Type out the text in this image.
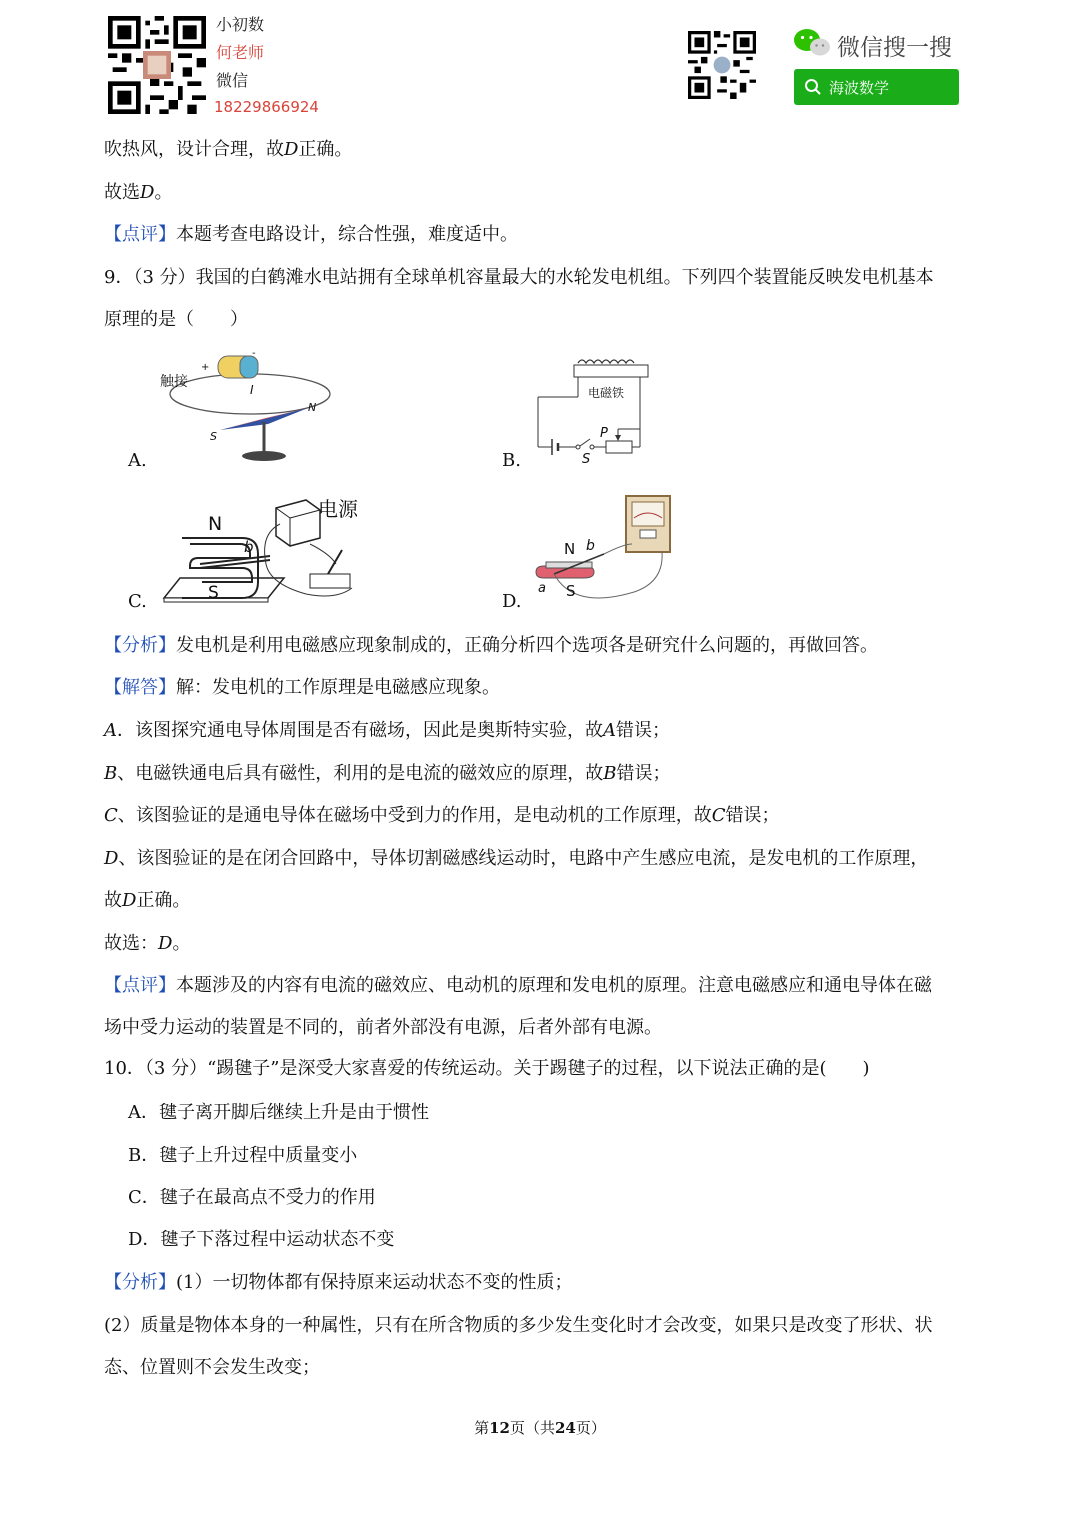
小初数
何老师
微信
18229866924
微信搜一搜
海波数学
吹热风，设计合理，故D正确。
故选D。
【点评】本题考查电路设计，综合性强，难度适中。
9．（3 分）我国的白鹤滩水电站拥有全球单机容量最大的水轮发电机组。下列四个装置能反映发电机基本
原理的是（　　）
A.
触接	I
N
S
+
-
B.
电磁铁
P
S
C.
电源
N
S
b
D.
N b
a S
【分析】发电机是利用电磁感应现象制成的，正确分析四个选项各是研究什么问题的，再做回答。
【解答】解：发电机的工作原理是电磁感应现象。
A．该图探究通电导体周围是否有磁场，因此是奥斯特实验，故A错误；
B、电磁铁通电后具有磁性，利用的是电流的磁效应的原理，故B错误；
C、该图验证的是通电导体在磁场中受到力的作用，是电动机的工作原理，故C错误；
D、该图验证的是在闭合回路中，导体切割磁感线运动时，电路中产生感应电流，是发电机的工作原理，
故D正确。
故选：D。
【点评】本题涉及的内容有电流的磁效应、电动机的原理和发电机的原理。注意电磁感应和通电导体在磁
场中受力运动的装置是不同的，前者外部没有电源，后者外部有电源。
10．（3 分）“踢毽子”是深受大家喜爱的传统运动。关于踢毽子的过程，以下说法正确的是(　　)
A．毽子离开脚后继续上升是由于惯性
B．毽子上升过程中质量变小
C．毽子在最高点不受力的作用
D．毽子下落过程中运动状态不变
【分析】(1）一切物体都有保持原来运动状态不变的性质；
(2）质量是物体本身的一种属性，只有在所含物质的多少发生变化时才会改变，如果只是改变了形状、状
态、位置则不会发生改变；
第12页（共24页）
